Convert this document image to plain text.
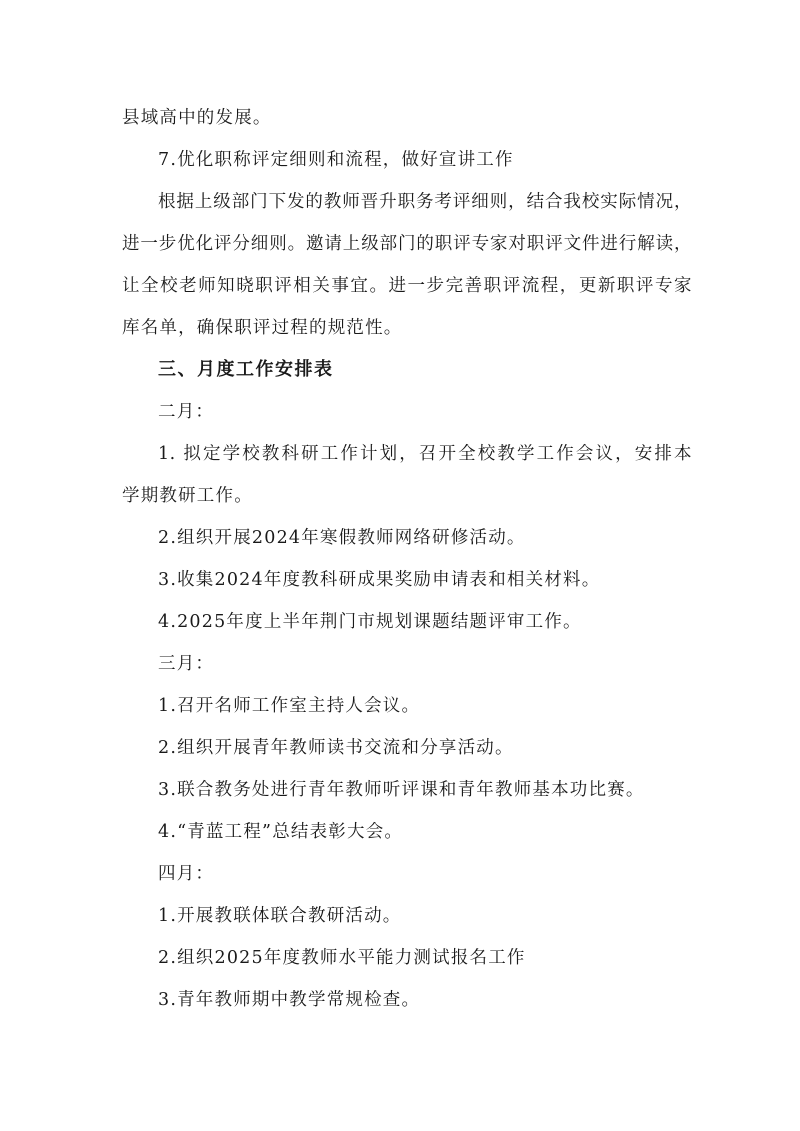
县域高中的发展。
7.优化职称评定细则和流程，做好宣讲工作
根据上级部门下发的教师晋升职务考评细则，结合我校实际情况，
进一步优化评分细则。邀请上级部门的职评专家对职评文件进行解读，
让全校老师知晓职评相关事宜。进一步完善职评流程，更新职评专家
库名单，确保职评过程的规范性。
三、月度工作安排表
二月：
1. 拟定学校教科研工作计划，召开全校教学工作会议，安排本
学期教研工作。
2.组织开展2024年寒假教师网络研修活动。
3.收集2024年度教科研成果奖励申请表和相关材料。
4.2025年度上半年荆门市规划课题结题评审工作。
三月：
1.召开名师工作室主持人会议。
2.组织开展青年教师读书交流和分享活动。
3.联合教务处进行青年教师听评课和青年教师基本功比赛。
4.“青蓝工程”总结表彰大会。
四月：
1.开展教联体联合教研活动。
2.组织2025年度教师水平能力测试报名工作
3.青年教师期中教学常规检查。
